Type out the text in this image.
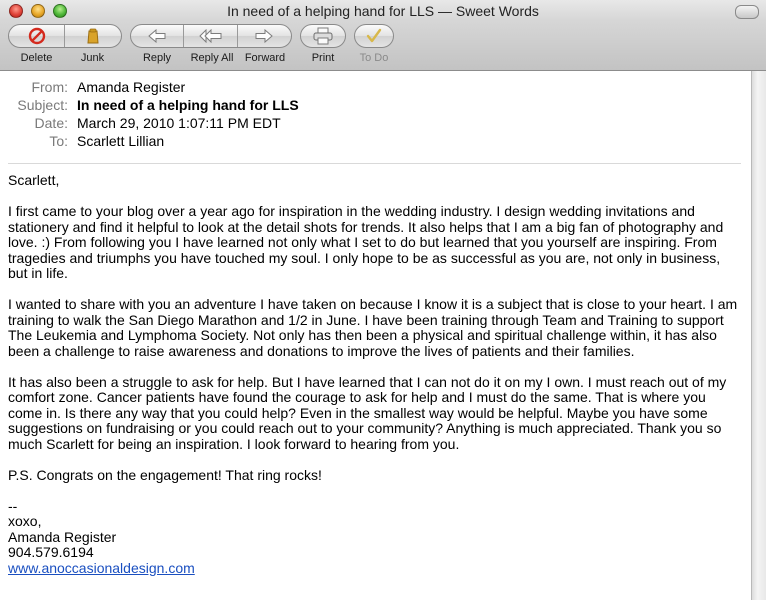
In need of a helping hand for LLS — Sweet Words
Delete	Junk	Reply	Reply All	Forward	Print	To Do
From: Amanda Register
Subject: In need of a helping hand for LLS
Date: March 29, 2010 1:07:11 PM EDT
To: Scarlett Lillian

Scarlett,

I first came to your blog over a year ago for inspiration in the wedding industry. I design wedding invitations and stationery and find it helpful to look at the detail shots for trends. It also helps that I am a big fan of photography and love. :) From following you I have learned not only what I set to do but learned that you yourself are inspiring. From tragedies and triumphs you have touched my soul. I only hope to be as successful as you are, not only in business, but in life.

I wanted to share with you an adventure I have taken on because I know it is a subject that is close to your heart. I am training to walk the San Diego Marathon and 1/2 in June. I have been training through Team and Training to support The Leukemia and Lymphoma Society. Not only has then been a physical and spiritual challenge within, it has also been a challenge to raise awareness and donations to improve the lives of patients and their families.

It has also been a struggle to ask for help. But I have learned that I can not do it on my I own. I must reach out of my comfort zone. Cancer patients have found the courage to ask for help and I must do the same. That is where you come in. Is there any way that you could help? Even in the smallest way would be helpful. Maybe you have some suggestions on fundraising or you could reach out to your community? Anything is much appreciated. Thank you so much Scarlett for being an inspiration. I look forward to hearing from you.

P.S. Congrats on the engagement! That ring rocks!

--
xoxo,
Amanda Register
904.579.6194
www.anoccasionaldesign.com
